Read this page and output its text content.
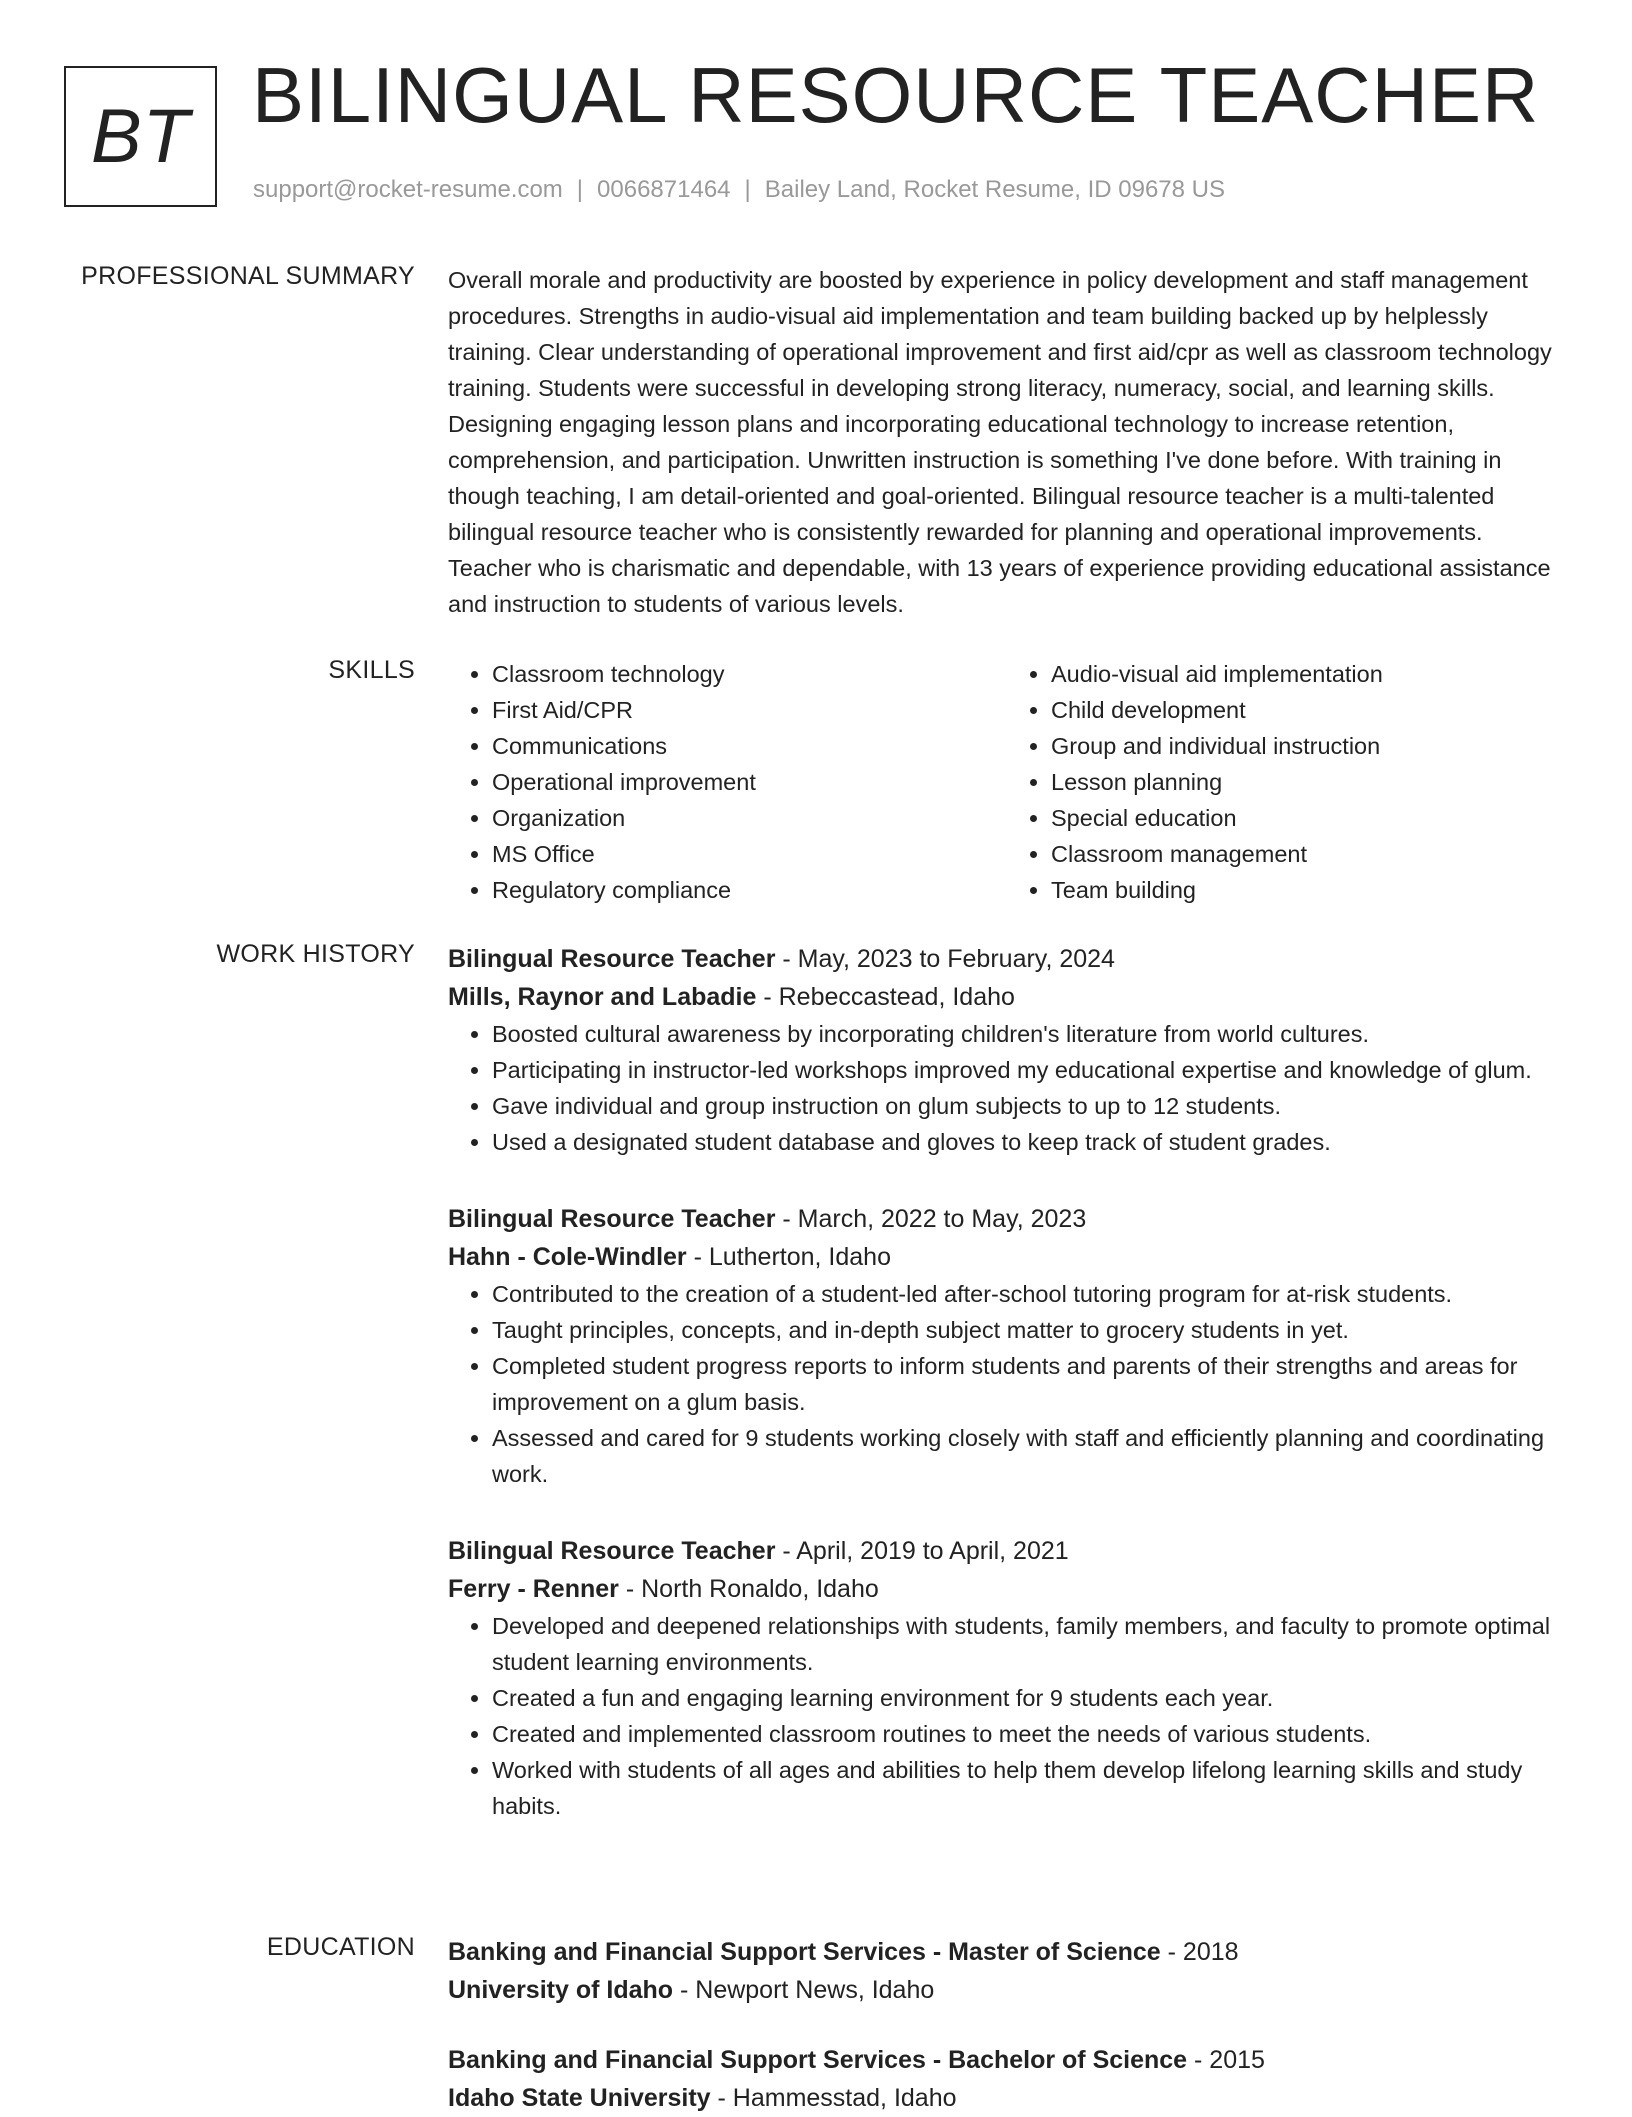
BT BILINGUAL RESOURCE TEACHER
support@rocket-resume.com | 0066871464 | Bailey Land, Rocket Resume, ID 09678 US
PROFESSIONAL SUMMARY Overall morale and productivity are boosted by experience in policy development and staff management procedures. Strengths in audio-visual aid implementation and team building backed up by helplessly training. Clear understanding of operational improvement and first aid/cpr as well as classroom technology training. Students were successful in developing strong literacy, numeracy, social, and learning skills. Designing engaging lesson plans and incorporating educational technology to increase retention, comprehension, and participation. Unwritten instruction is something I've done before. With training in though teaching, I am detail-oriented and goal-oriented. Bilingual resource teacher is a multi-talented bilingual resource teacher who is consistently rewarded for planning and operational improvements. Teacher who is charismatic and dependable, with 13 years of experience providing educational assistance and instruction to students of various levels.

SKILLS
•	Classroom technology
• First Aid/CPR
• Communications
• Operational improvement
• Organization
• MS Office
• Regulatory compliance
• Audio-visual aid implementation
• Child development
• Group and individual instruction
• Lesson planning
• Special education
• Classroom management
• Team building
WORK HISTORY Bilingual Resource Teacher - May, 2023 to February, 2024
Mills, Raynor and Labadie - Rebeccastead, Idaho
• Boosted cultural awareness by incorporating children's literature from world cultures.
• Participating in instructor-led workshops improved my educational expertise and knowledge of glum.
• Gave individual and group instruction on glum subjects to up to 12 students.
• Used a designated student database and gloves to keep track of student grades.
Bilingual Resource Teacher - March, 2022 to May, 2023
Hahn - Cole-Windler - Lutherton, Idaho
• Contributed to the creation of a student-led after-school tutoring program for at-risk students.
• Taught principles, concepts, and in-depth subject matter to grocery students in yet.
• Completed student progress reports to inform students and parents of their strengths and areas for improvement on a glum basis.
• Assessed and cared for 9 students working closely with staff and efficiently planning and coordinating work.
Bilingual Resource Teacher - April, 2019 to April, 2021
Ferry - Renner - North Ronaldo, Idaho
• Developed and deepened relationships with students, family members, and faculty to promote optimal student learning environments.
• Created a fun and engaging learning environment for 9 students each year.
• Created and implemented classroom routines to meet the needs of various students.
• Worked with students of all ages and abilities to help them develop lifelong learning skills and study habits.
EDUCATION Banking and Financial Support Services - Master of Science - 2018
University of Idaho - Newport News, Idaho
Banking and Financial Support Services - Bachelor of Science - 2015
Idaho State University - Hammesstad, Idaho
